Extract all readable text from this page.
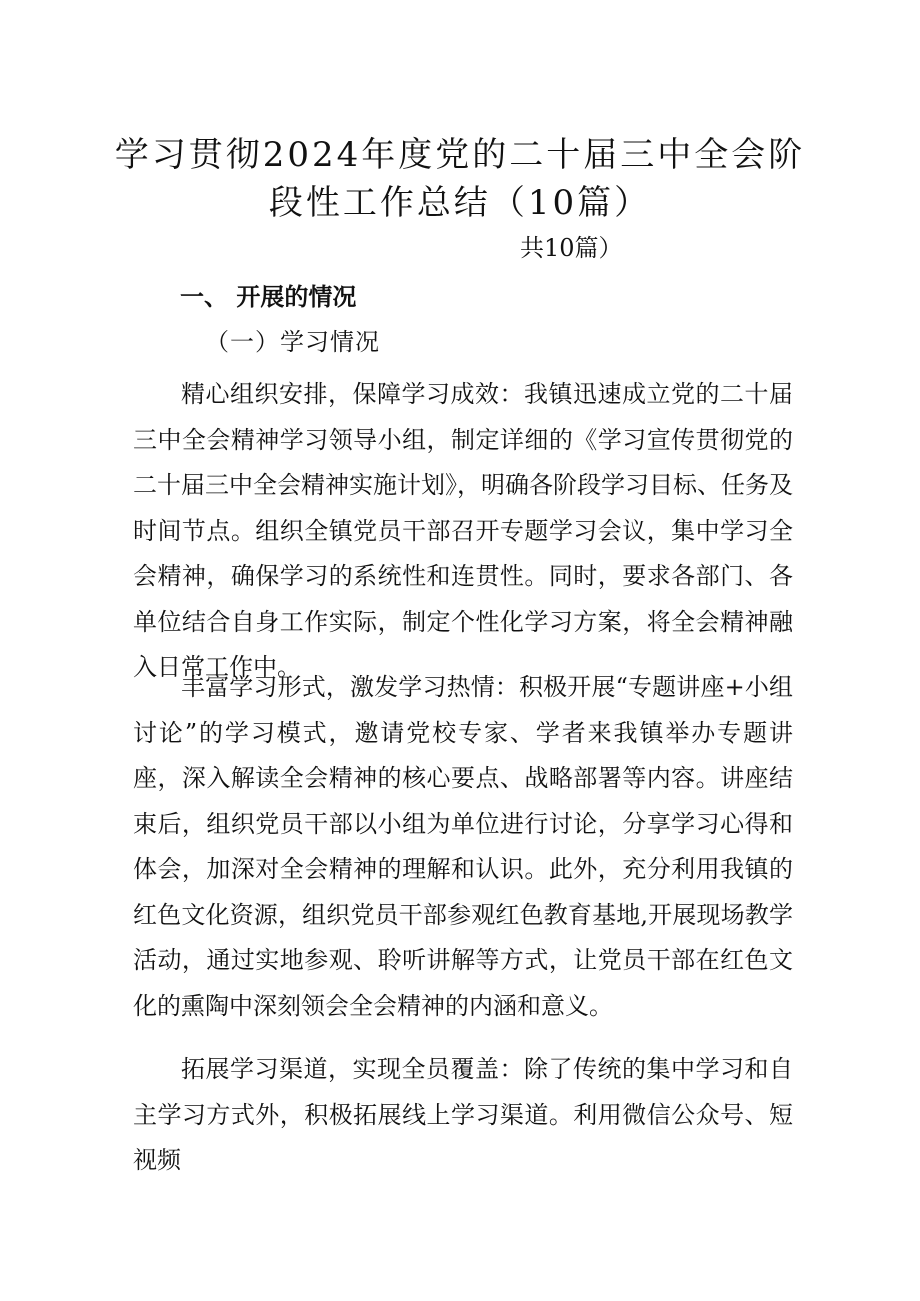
学习贯彻2024年度党的二十届三中全会阶段性工作总结（10篇）
共10篇）
一、 开展的情况
（一）学习情况

精心组织安排，保障学习成效：我镇迅速成立党的二十届三中全会精神学习领导小组，制定详细的《学习宣传贯彻党的二十届三中全会精神实施计划》，明确各阶段学习目标、任务及时间节点。组织全镇党员干部召开专题学习会议，集中学习全会精神，确保学习的系统性和连贯性。同时，要求各部门、各单位结合自身工作实际，制定个性化学习方案，将全会精神融入日常工作中。

丰富学习形式，激发学习热情：积极开展“专题讲座+小组讨论”的学习模式，邀请党校专家、学者来我镇举办专题讲座，深入解读全会精神的核心要点、战略部署等内容。讲座结束后，组织党员干部以小组为单位进行讨论，分享学习心得和体会，加深对全会精神的理解和认识。此外，充分利用我镇的红色文化资源，组织党员干部参观红色教育基地,开展现场教学活动，通过实地参观、聆听讲解等方式，让党员干部在红色文化的熏陶中深刻领会全会精神的内涵和意义。

拓展学习渠道，实现全员覆盖：除了传统的集中学习和自主学习方式外，积极拓展线上学习渠道。利用微信公众号、短视频
